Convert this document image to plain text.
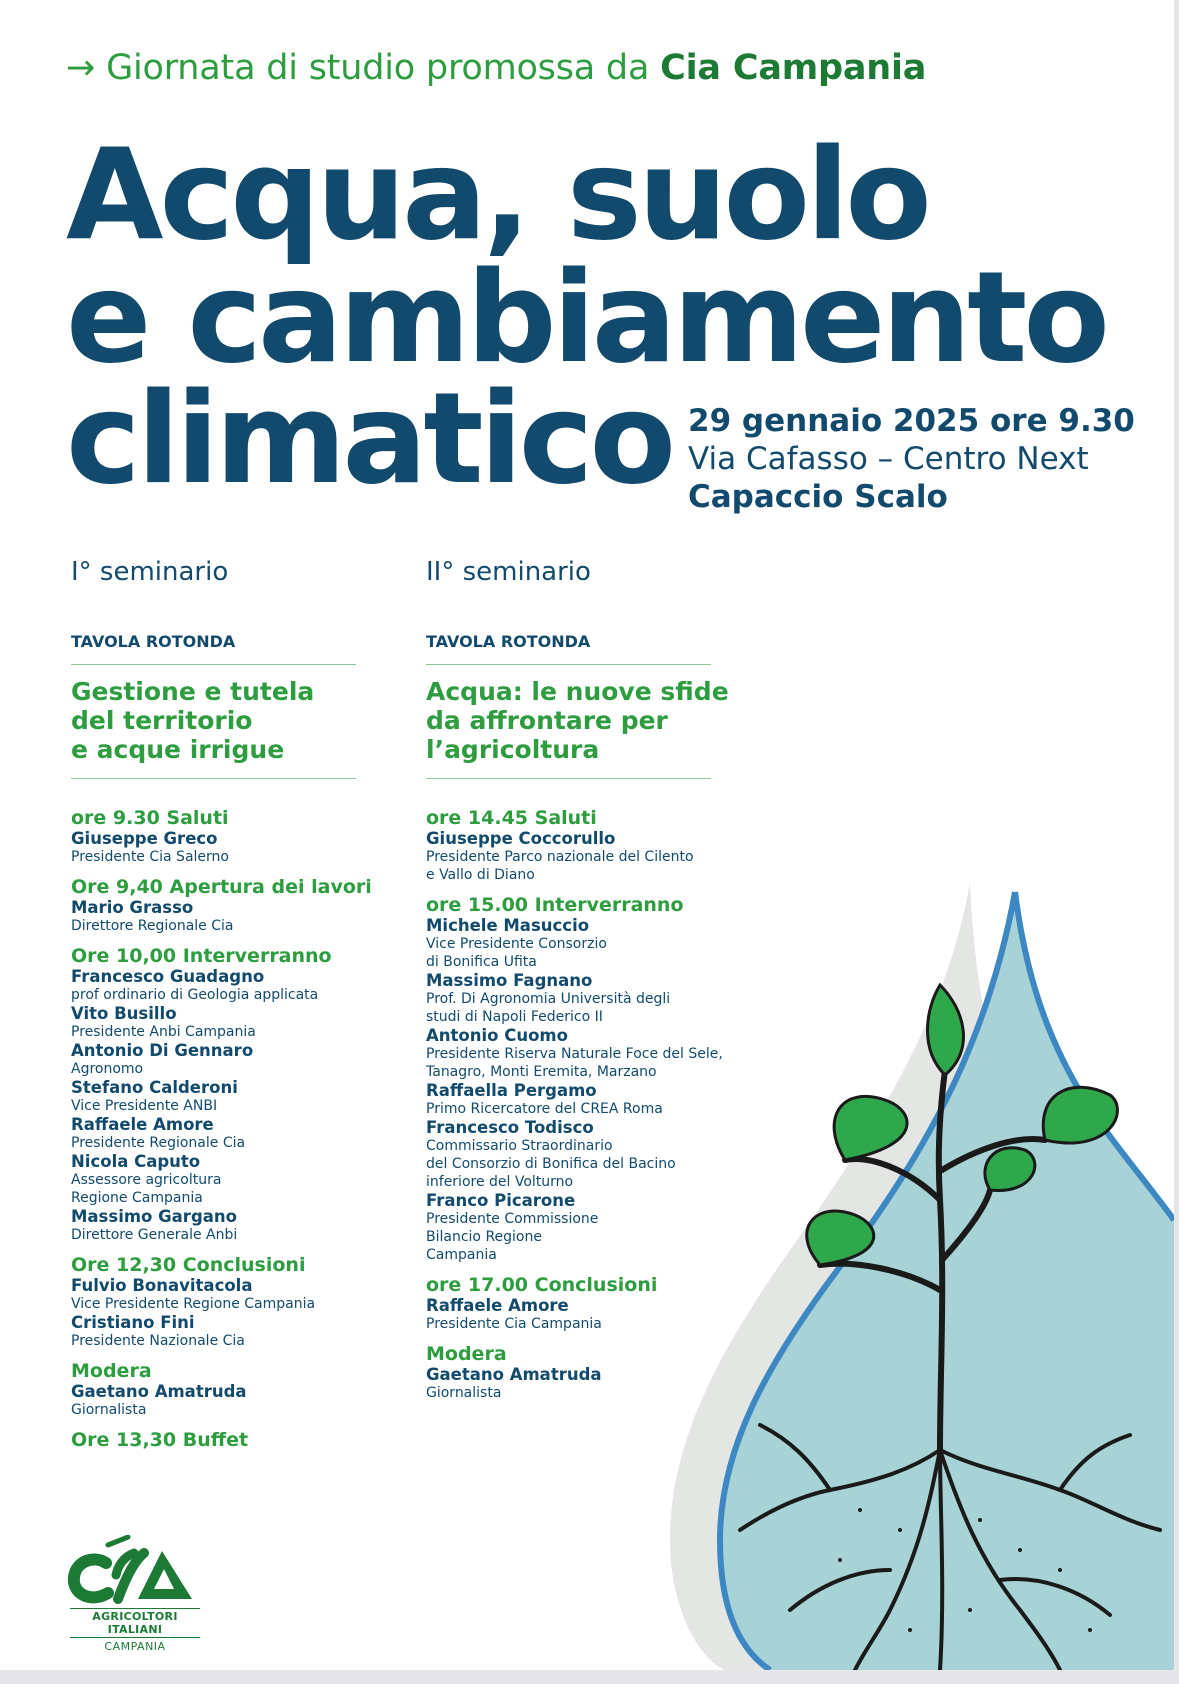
→ Giornata di studio promossa da Cia Campania
Acqua, suolo
e cambiamento
climatico 29 gennaio 2025 ore 9.30
Via Cafasso – Centro Next
Capaccio Scalo
I° seminario
TAVOLA ROTONDA
Gestione e tutela
del territorio
e acque irrigue
ore 9.30 Saluti
Giuseppe Greco
Presidente Cia Salerno
Ore 9,40 Apertura dei lavori
Mario Grasso
Direttore Regionale Cia
Ore 10,00 Interverranno
Francesco Guadagno
prof ordinario di Geologia applicata
Vito Busillo
Presidente Anbi Campania
Antonio Di Gennaro
Agronomo
Stefano Calderoni
Vice Presidente ANBI
Raffaele Amore
Presidente Regionale Cia
Nicola Caputo
Assessore agricoltura
Regione Campania
Massimo Gargano
Direttore Generale Anbi
Ore 12,30 Conclusioni
Fulvio Bonavitacola
Vice Presidente Regione Campania
Cristiano Fini
Presidente Nazionale Cia
Modera
Gaetano Amatruda
Giornalista
Ore 13,30 Buffet
II° seminario
TAVOLA ROTONDA
Acqua: le nuove sfide
da affrontare per
l’agricoltura
ore 14.45 Saluti
Giuseppe Coccorullo
Presidente Parco nazionale del Cilento
e Vallo di Diano
ore 15.00 Interverranno
Michele Masuccio
Vice Presidente Consorzio
di Bonifica Ufita
Massimo Fagnano
Prof. Di Agronomia Università degli
studi di Napoli Federico II
Antonio Cuomo
Presidente Riserva Naturale Foce del Sele,
Tanagro, Monti Eremita, Marzano
Raffaella Pergamo
Primo Ricercatore del CREA Roma
Francesco Todisco
Commissario Straordinario
del Consorzio di Bonifica del Bacino
inferiore del Volturno
Franco Picarone
Presidente Commissione
Bilancio Regione
Campania
ore 17.00 Conclusioni
Raffaele Amore
Presidente Cia Campania
Modera
Gaetano Amatruda
Giornalista
AGRICOLTORI ITALIANI
CAMPANIA
